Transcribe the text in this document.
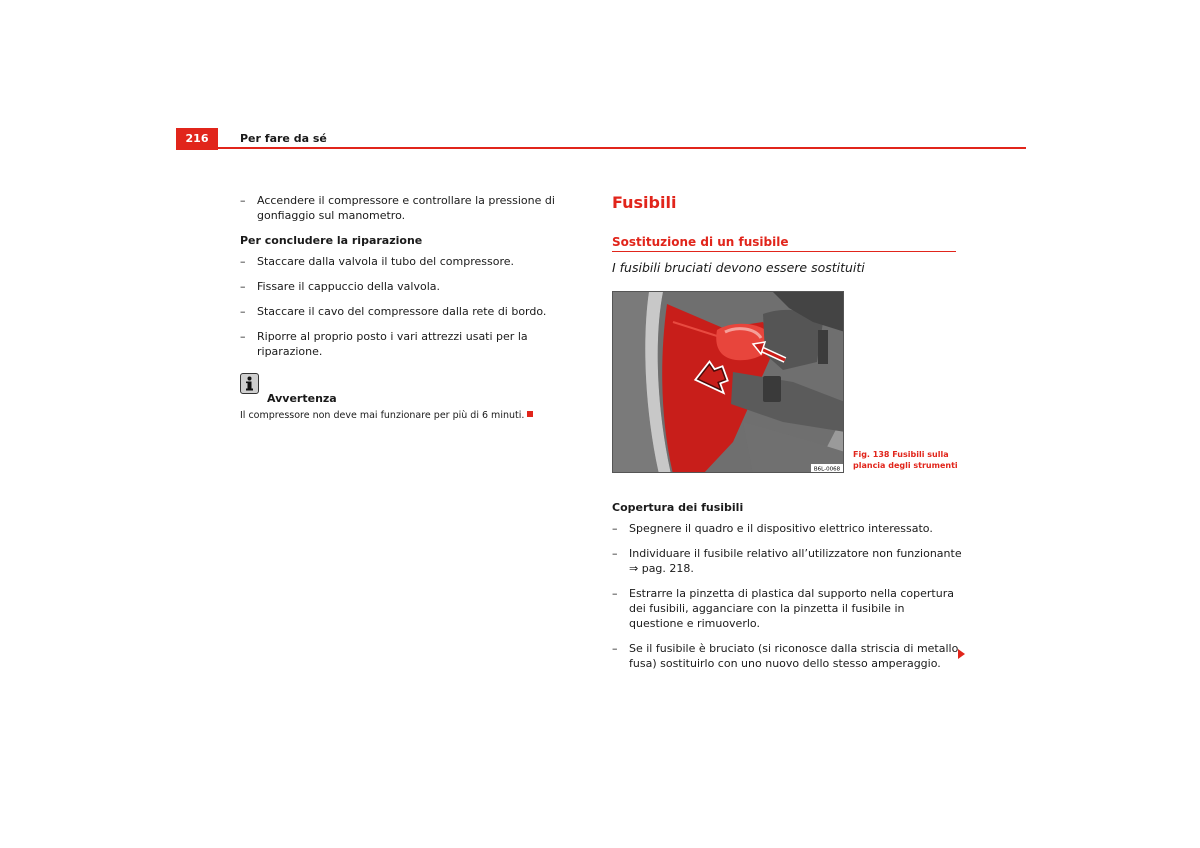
216	Per fare da sé
– Accendere il compressore e controllare la pressione di gonfiaggio sul manometro.
Per concludere la riparazione
– Staccare dalla valvola il tubo del compressore.
– Fissare il cappuccio della valvola.
– Staccare il cavo del compressore dalla rete di bordo.
– Riporre al proprio posto i vari attrezzi usati per la riparazione.
Avvertenza
Il compressore non deve mai funzionare per più di 6 minuti.
Fusibili
Sostituzione di un fusibile
I fusibili bruciati devono essere sostituiti
B6L-0068
Fig. 138 Fusibili sulla
plancia degli strumenti
Copertura dei fusibili
– Spegnere il quadro e il dispositivo elettrico interessato.
– Individuare il fusibile relativo all’utilizzatore non funzionante ⇒ pag. 218.
– Estrarre la pinzetta di plastica dal supporto nella copertura dei fusibili, agganciare con la pinzetta il fusibile in questione e rimuoverlo.
– Se il fusibile è bruciato (si riconosce dalla striscia di metallo fusa) sostituirlo con uno nuovo dello stesso amperaggio.
